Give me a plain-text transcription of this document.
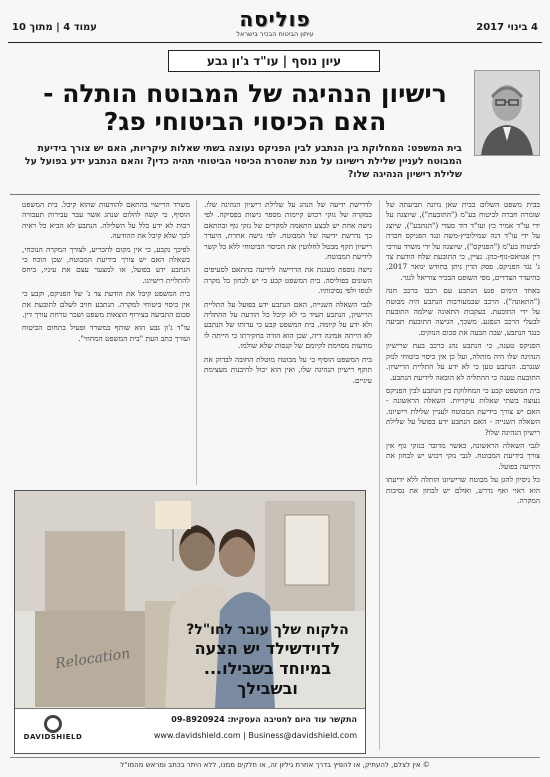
עמוד 4 | מתוך 10	פוליסה
עיתון הביטוח הבכיר בישראל
4 בינוי 2017
עיון נוסף | עו"ד ג'ון גבע
רישיון הנהיגה של המבוטח הותלה - האם הכיסוי הביטוחי פג?
בית המשפט: המחלוקת בין הנתבע לבין הפניקס נעוצה בשתי שאלות עיקריות, האם יש צורך בידיעת המבוטח לעניין שלילת רישיונו על מנת שהסרת הכיסוי הביטוחי תהיה כדין? והאם הנתבע ידע בפועל על שלילת רישיון הנהיגה שלו?

בבית משפט השלום בבית שאן נדונה תביעתה של שומרה חברה לביטוח בע"מ ("התובעת"), שיוצגה על ידי עו"ד אמיר כץ ועו"ד דוד סעדי ("הנתבע"), שיוצג על ידי עו"ד דנה שמילוביץ-משה ונגד הפניקס חברה לביטוח בע"מ ("הפניקס"), שיוצגה על ידי משרד עורכי דין אטיאס-נוף-כהן. נציין, כי התובעת שלח הודעת צד ג' נגד הפניקס. פסק הדין ניתן בחודש ינואר 2017, בהיעדר הצדדים, מפי השופט הבכיר צוריאל לנגר.

באחד הימים פגע הנתבע עם רכבו ברכב חנה ("התאונה"). הרכב שבמעורבות הנתבע היה מבוטח על ידי התובעת. בעקבות התאונה שילמה התובעת לבעלי הרכב הנפגע. משכך, הגישה התובעת תביעה כנגד הנתבע, שבה תבעה את סכום הנזקים.

הפניקס טענה, כי הנתבע נהג ברכב בעת שרישיון הנהיגה שלו היה מותלה, ועל כן אין כיסוי ביטוחי לנזק שנגרם. הנתבע טען כי לא ידע על התליית הרישיון. התובעת טענה כי ההתליה לא הובאה לידיעת הנתבע.

בית המשפט קבע כי המחלוקת בין הנתבע לבין הפניקס נעוצה בשתי שאלות עיקריות. השאלה הראשונה - האם יש צורך בידיעת המבוטח לעניין שלילת רישיונו. השאלה השנייה - האם הנתבע ידע בפועל על שלילת רישיון הנהיגה שלו?

לגבי השאלה הראשונה, כאשר מדובר בנזקי גוף אין צורך בידיעת המבוטח. לגבי נזקי רכוש יש לבחון את הידיעה בפועל.

כל ניסיון להגן על מבוטח שרישיונו הותלה ללא ידיעתו הוא ראוי ואף נדרש, ואולם יש לבחון את נסיבות המקרה.

לדרישת ידיעה של הנהג על שלילת רישיון הנהיגה שלו. במקרה של נזקי רכוש קיימות מספר גישות בפסיקה. לפי גישה אחת יש לבצע התאמה למקרים של נזקי גוף ובהתאם כך נדרשת ידיעה של המבוטח. לפי גישה אחרת, היעדר רישיון תקף מבטל לחלוטין את הכיסוי הביטוחי ללא כל קשר לידיעת המבוטח.

גישה נוספת מעגנת את הדרישה לידיעה בהתאם לסעיפים השונים בפוליסה. בית המשפט קבע כי יש לבחון כל מקרה לגופו ולפי נסיבותיו.

לגבי השאלה השנייה, האם הנתבע ידע בפועל על התליית הרישיון, הנתבע העיד כי לא קיבל כל הודעה על ההתליה ולא ידע על קיומה. בית המשפט קבע כי עדותו של הנתבע לא הייתה אמינה דיה, שכן הוא הודה בחקירתו כי הייתה לו מודעות מסוימת לקיומם של קנסות שלא שולמו.

בית המשפט הוסיף כי על מבוטח מוטלת החובה לבדוק את תוקף רישיון הנהיגה שלו, ואין הוא יכול להיבנות מעצימת עיניים.

משרד הרישוי בהתאם להודעות שהוא קיבל. בית המשפט הוסיף, כי קשה להלום שנהג אשר עבר עבירות תעבורה רבות לא ידע כלל על השלילה. הנתבע לא הביא כל ראיה לכך שלא קיבל את ההודעה.

לפיכך נקבע, כי אין מקום להכריע, לצורך המקרה הנוכחי, בשאלה האם יש צורך בידיעת המבוטח, שכן הוכח כי הנתבע ידע בפועל, או למצער עצם את עיניו, ביחס להתליית רישיונו.

בית המשפט קיבל את הודעת צד ג' של הפניקס, וקבע כי אין כיסוי ביטוחי למקרה. הנתבע חויב לשלם לתובעת את סכום התביעה בצירוף הוצאות משפט ושכר טרחת עורך דין.

עו"ד ג'ון גבע הוא שותף במשרד ופעיל בתחום הביטוח ועורך כתב העת "בית המשפט המחוזי".

Relocation
הלקוח שלך עובר לחו"ל?
לדוידשילד יש הצעה
במיוחד בשבילו... ובשבילך
DAVIDSHIELD
התקשר עוד היום לחטיבה העסקית: 09-8920924
www.davidshield.com | Business@davidshield.com
© אין לצלם, להעתיק, או להפיץ בדרך אחרת גיליון זה, או חלקים ממנו, ללא היתר בכתב ומראש מהמו"ל
